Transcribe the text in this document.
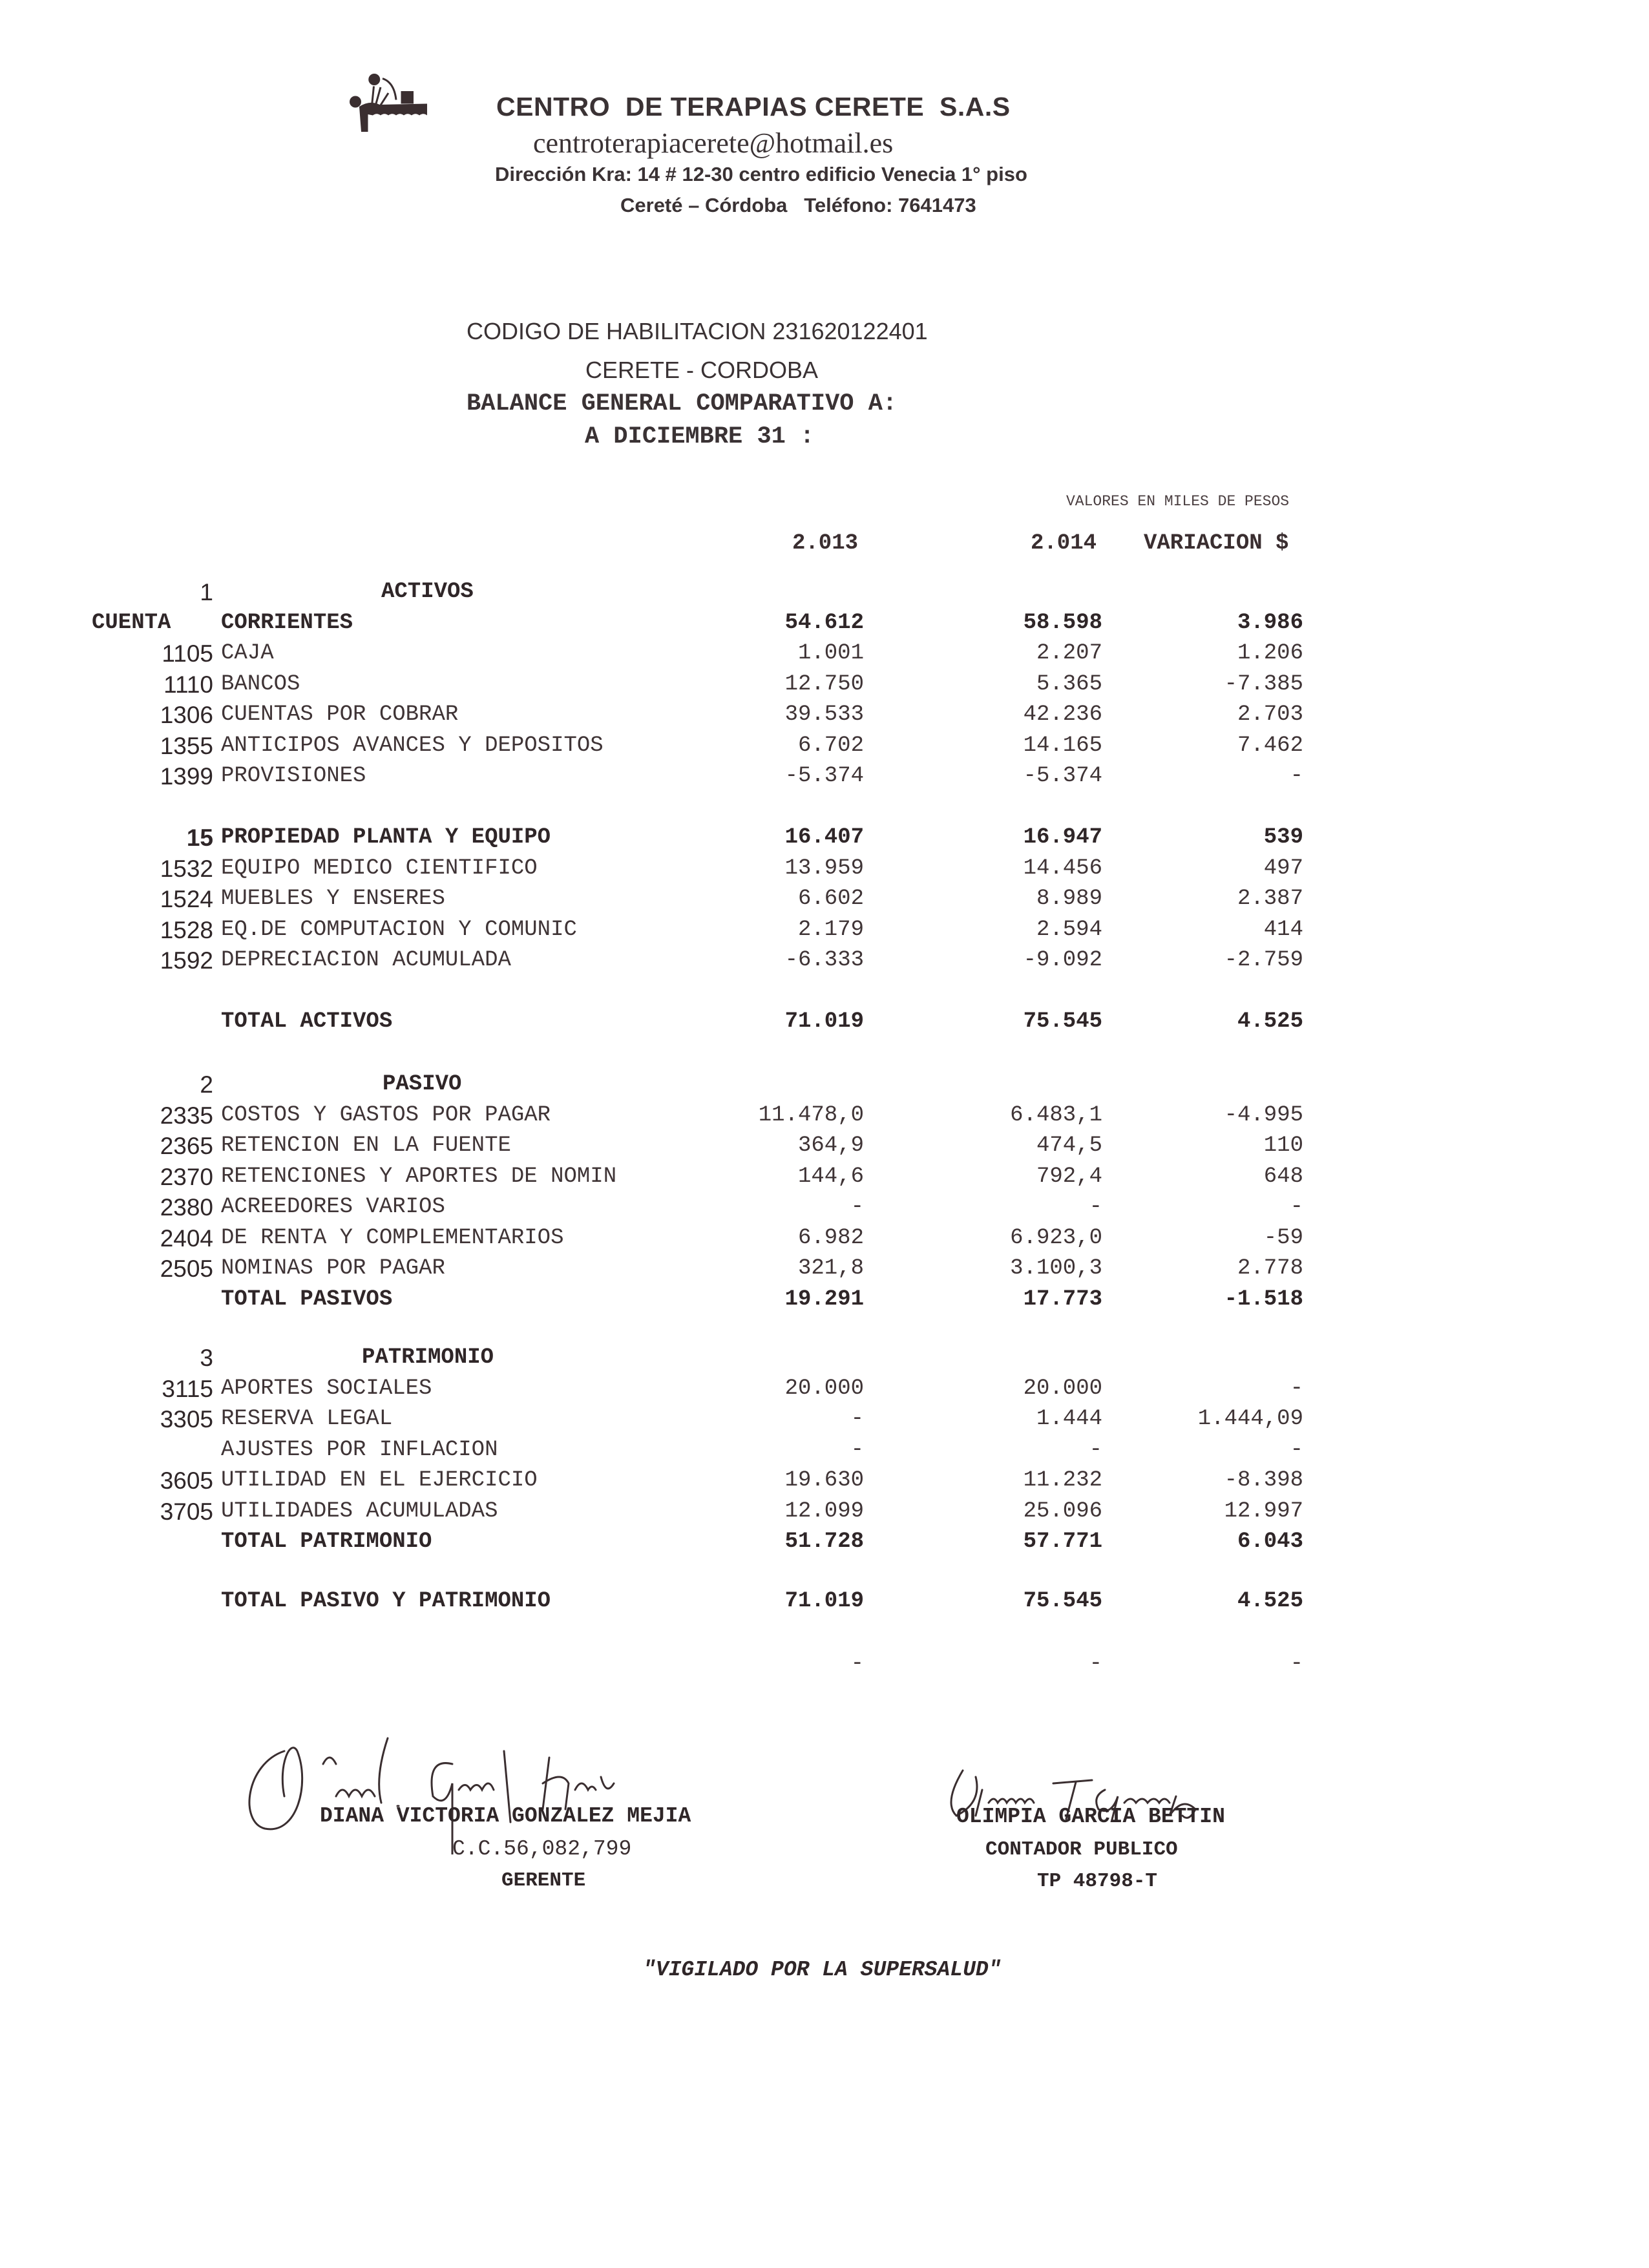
CENTRO  DE TERAPIAS CERETE  S.A.S
centroterapiacerete@hotmail.es
Dirección Kra: 14 # 12-30 centro edificio Venecia 1° piso
Cereté – Córdoba   Teléfono: 7641473
CODIGO DE HABILITACION 231620122401
CERETE - CORDOBA
BALANCE GENERAL COMPARATIVO A:
A DICIEMBRE 31 :
VALORES EN MILES DE PESOS
2.013	2.014 VARIACION $
1	ACTIVOS
CUENTA CORRIENTES	54.612	58.598	3.986
1105 CAJA	1.001	2.207	1.206
1110 BANCOS	12.750	5.365	-7.385
1306 CUENTAS POR COBRAR	39.533	42.236	2.703
1355 ANTICIPOS AVANCES Y DEPOSITOS	6.702	14.165	7.462
1399 PROVISIONES	-5.374	-5.374	-
15 PROPIEDAD PLANTA Y EQUIPO	16.407	16.947	539
1532 EQUIPO MEDICO CIENTIFICO	13.959	14.456	497
1524 MUEBLES Y ENSERES	6.602	8.989	2.387
1528 EQ.DE COMPUTACION Y COMUNIC	2.179	2.594	414
1592 DEPRECIACION ACUMULADA	-6.333	-9.092	-2.759
TOTAL ACTIVOS	71.019	75.545	4.525
2	PASIVO
2335 COSTOS Y GASTOS POR PAGAR	11.478,0	6.483,1	-4.995
2365 RETENCION EN LA FUENTE	364,9	474,5	110
2370 RETENCIONES Y APORTES DE NOMIN	144,6	792,4	648
2380 ACREEDORES VARIOS	-	-	-
2404 DE RENTA Y COMPLEMENTARIOS	6.982	6.923,0	-59
2505 NOMINAS POR PAGAR	321,8	3.100,3	2.778
TOTAL PASIVOS	19.291	17.773	-1.518
3	PATRIMONIO
3115 APORTES SOCIALES	20.000	20.000	-
3305 RESERVA LEGAL	-	1.444	1.444,09
AJUSTES POR INFLACION	-	-	-
3605 UTILIDAD EN EL EJERCICIO	19.630	11.232	-8.398
3705 UTILIDADES ACUMULADAS	12.099	25.096	12.997
TOTAL PATRIMONIO	51.728	57.771	6.043
TOTAL PASIVO Y PATRIMONIO	71.019	75.545	4.525
-	-	-
DIANA VICTORIA GONZALEZ MEJIA
C.C.56,082,799
GERENTE
OLIMPIA GARCIA BETTIN
CONTADOR PUBLICO
TP 48798-T
"VIGILADO POR LA SUPERSALUD"
